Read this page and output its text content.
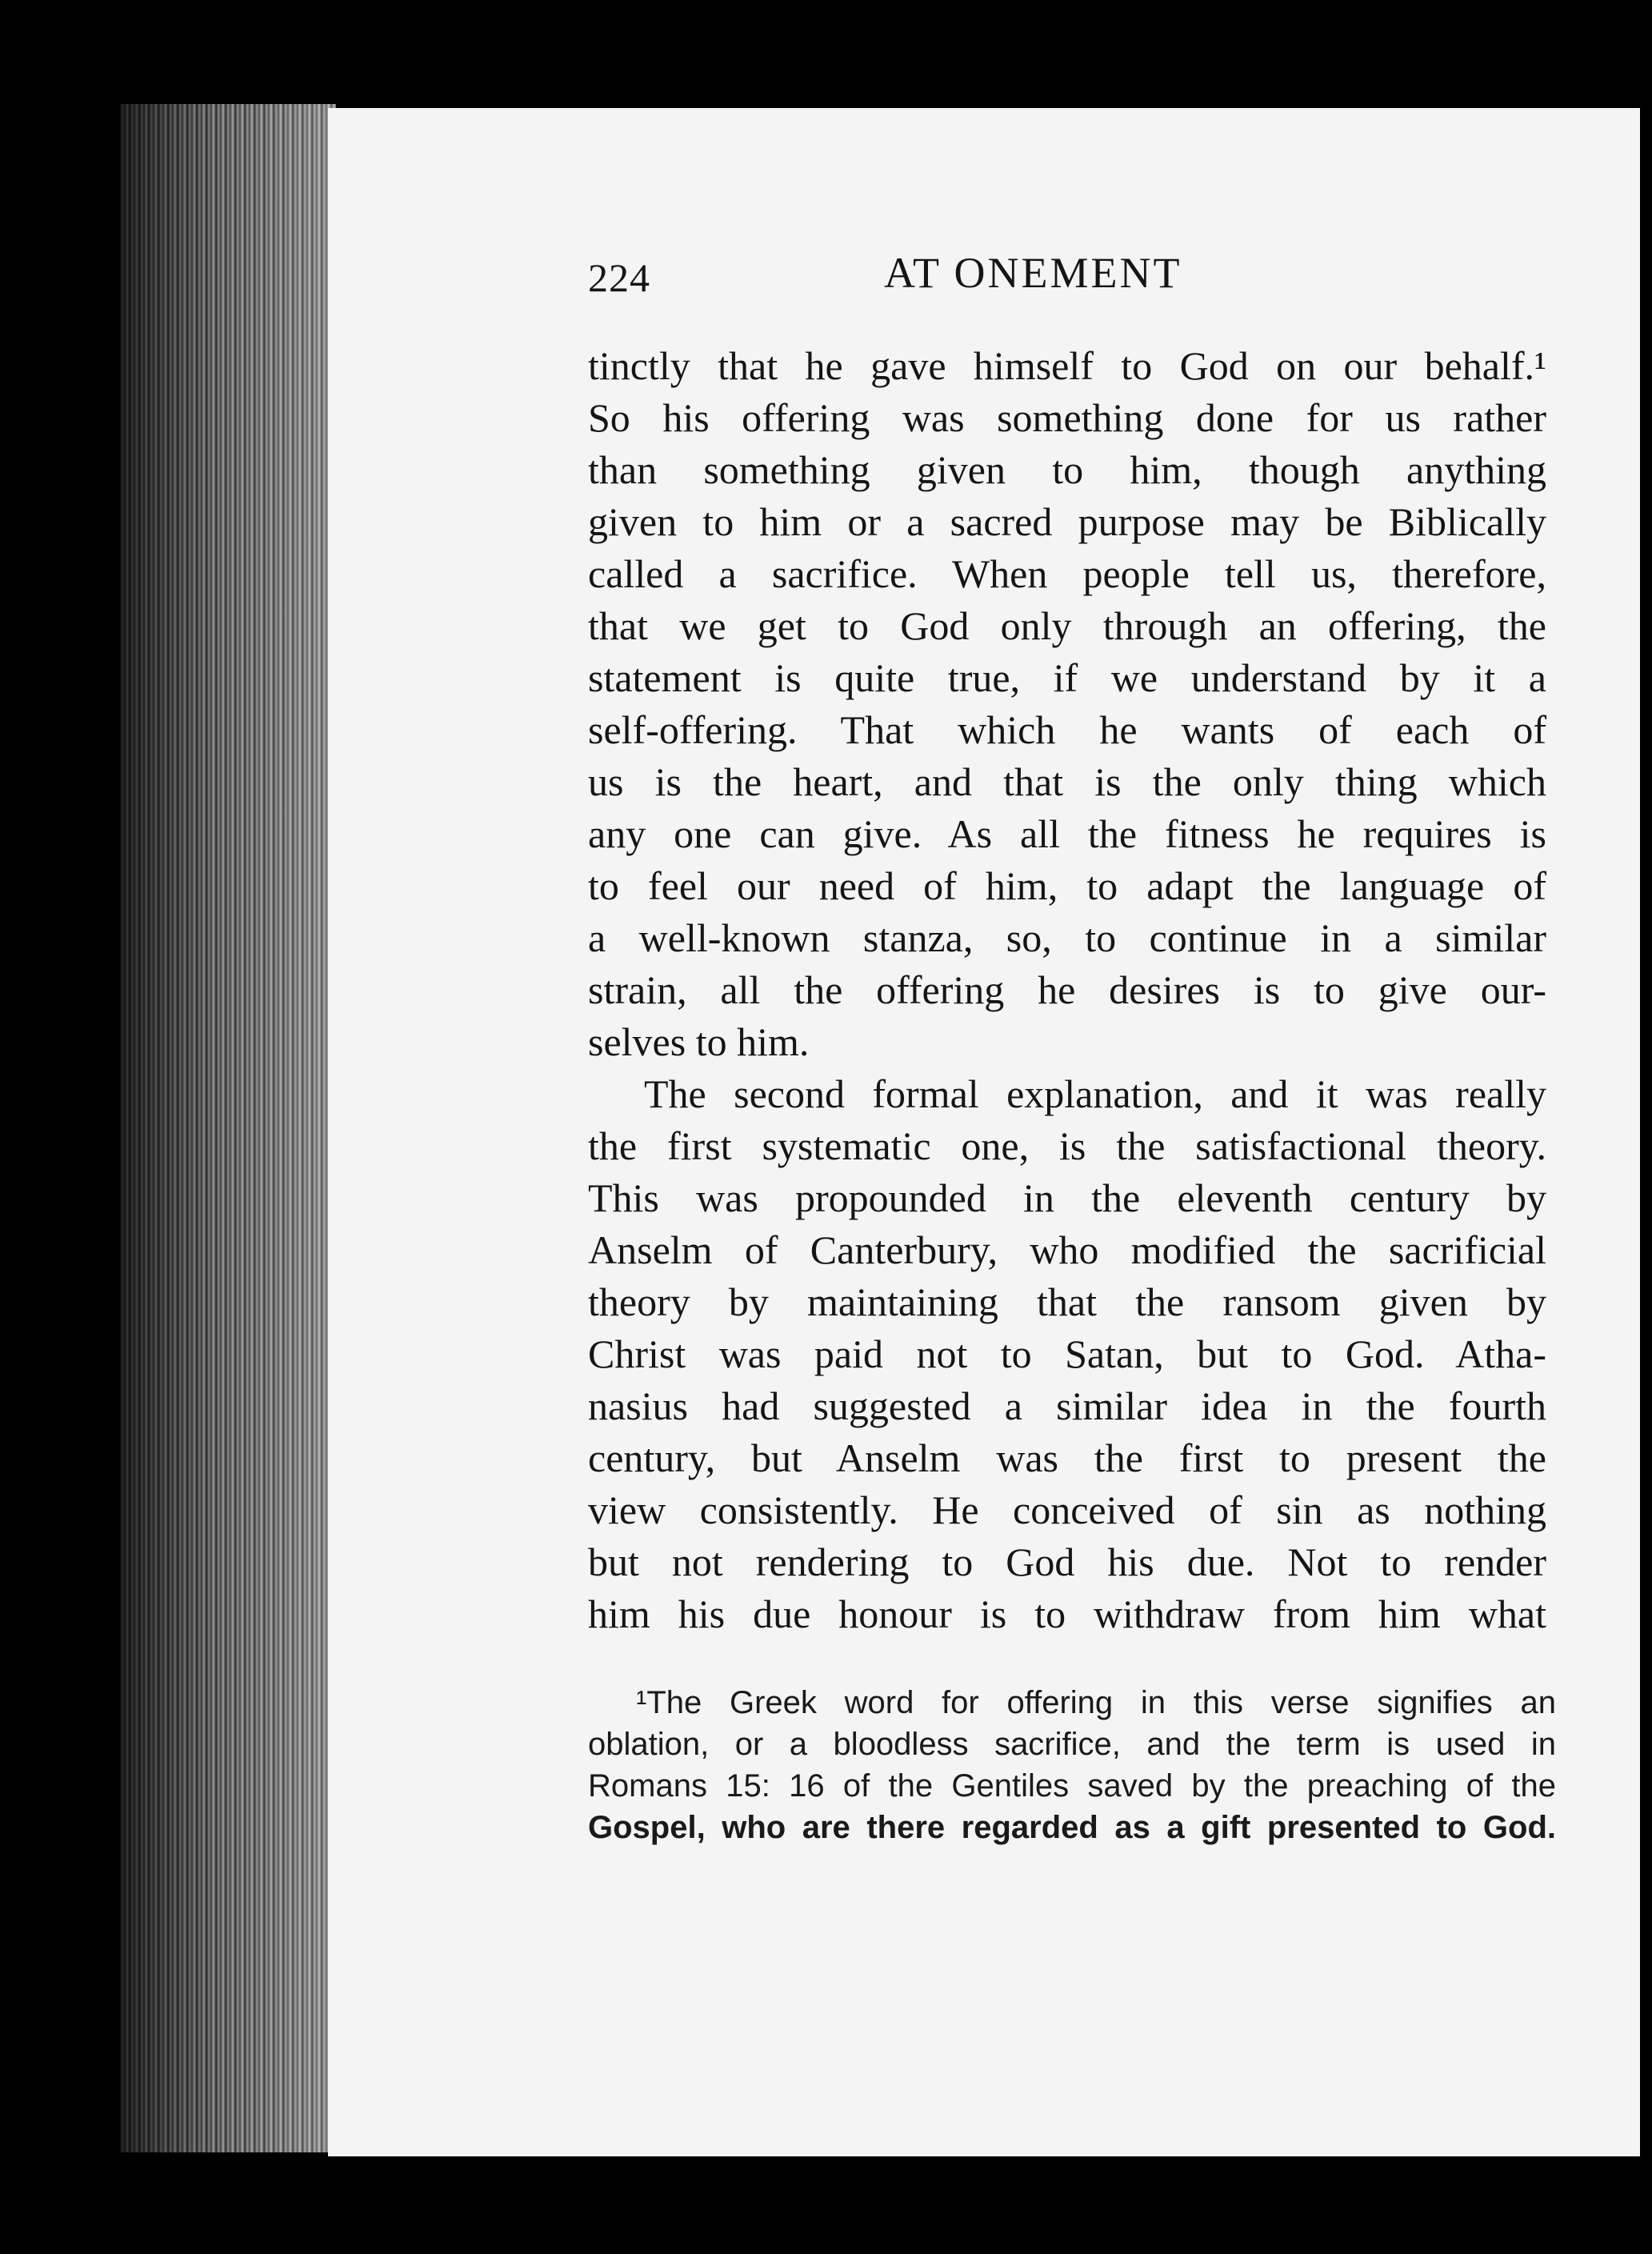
224	AT ONEMENT
tinctly that he gave himself to God on our behalf.¹
So his offering was something done for us rather
than something given to him, though anything
given to him or a sacred purpose may be Biblically
called a sacrifice. When people tell us, therefore,
that we get to God only through an offering, the
statement is quite true, if we understand by it a
self-offering. That which he wants of each of
us is the heart, and that is the only thing which
any one can give. As all the fitness he requires is
to feel our need of him, to adapt the language of
a well-known stanza, so, to continue in a similar
strain, all the offering he desires is to give our-
selves to him.
The second formal explanation, and it was really
the first systematic one, is the satisfactional theory.
This was propounded in the eleventh century by
Anselm of Canterbury, who modified the sacrificial
theory by maintaining that the ransom given by
Christ was paid not to Satan, but to God. Atha-
nasius had suggested a similar idea in the fourth
century, but Anselm was the first to present the
view consistently. He conceived of sin as nothing
but not rendering to God his due. Not to render
him his due honour is to withdraw from him what
¹The Greek word for offering in this verse signifies an
oblation, or a bloodless sacrifice, and the term is used in
Romans 15: 16 of the Gentiles saved by the preaching of the
Gospel, who are there regarded as a gift presented to God.
